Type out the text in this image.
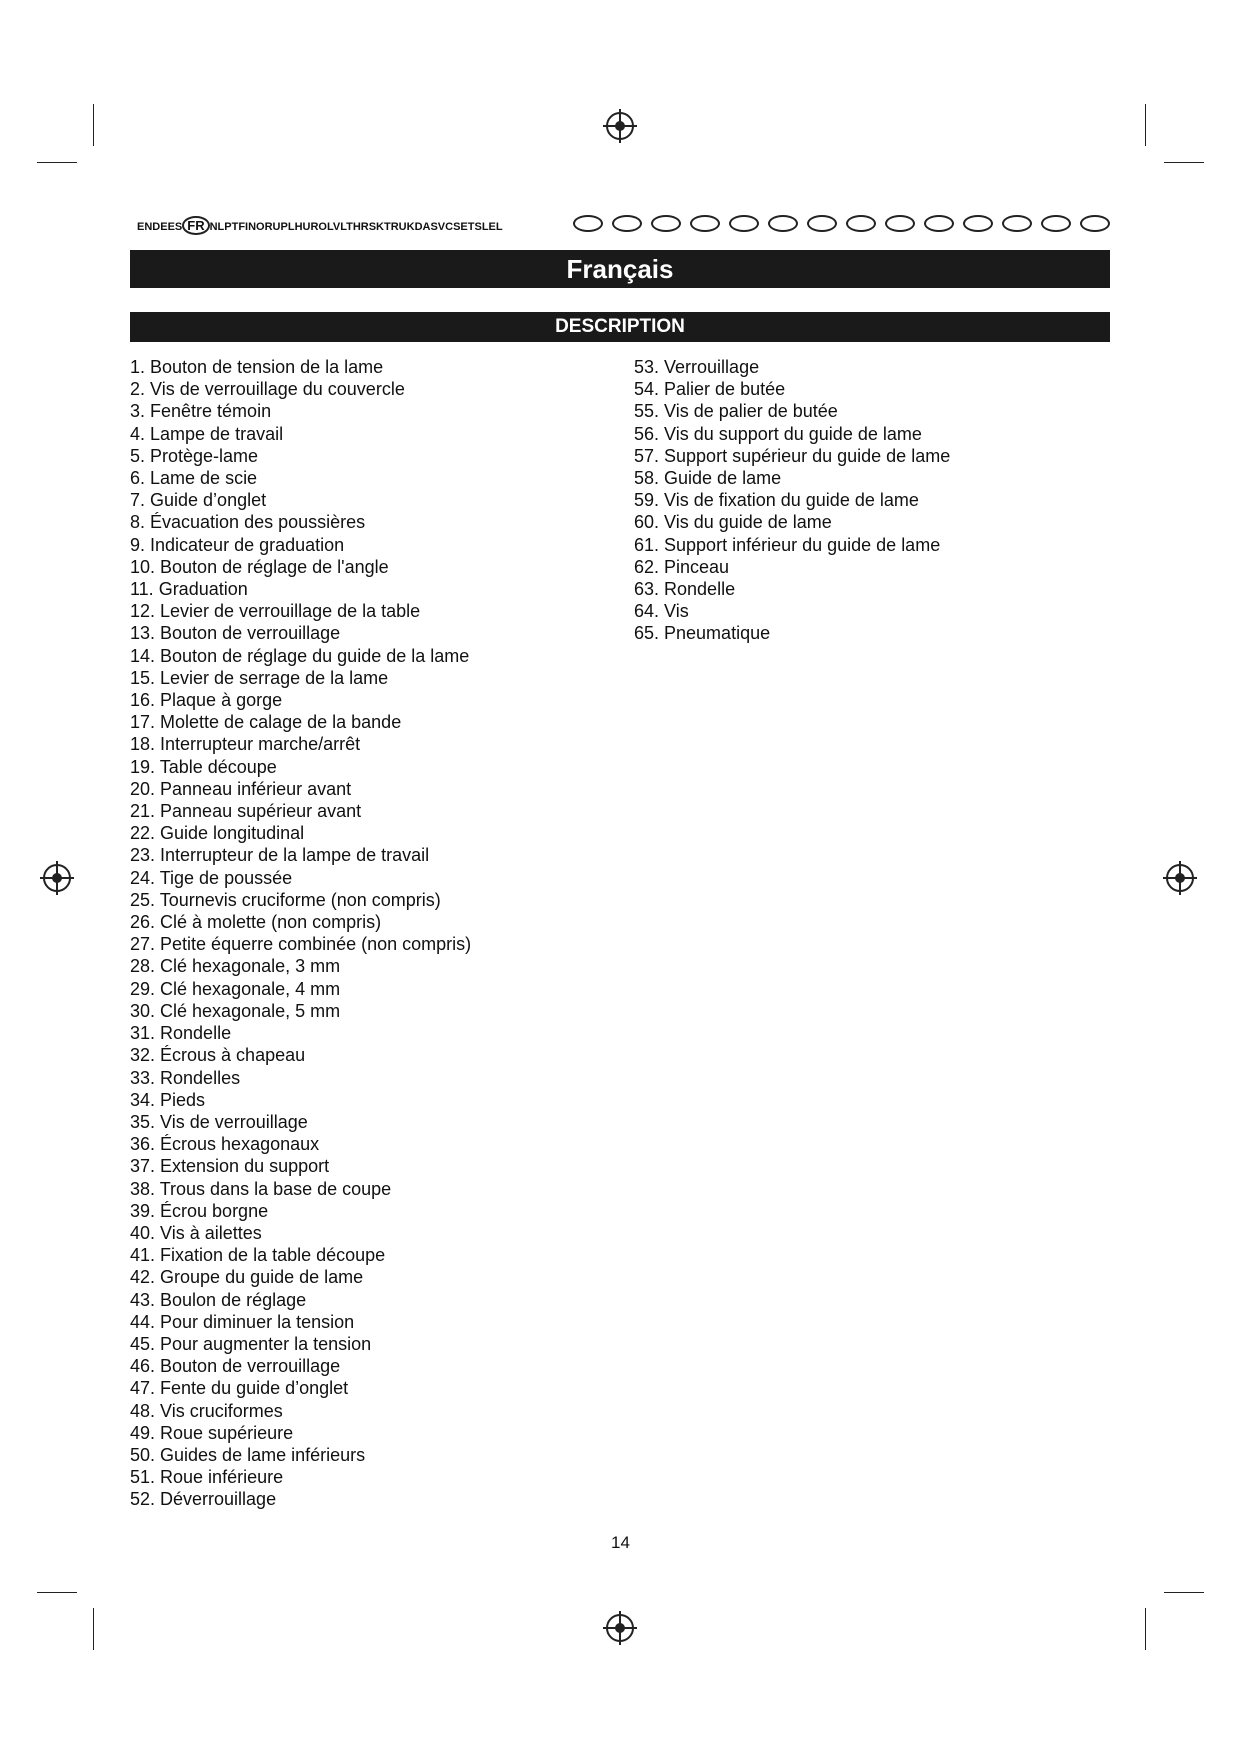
ENDEES FR NLPTFINORUPLHUROLVLTHRSKTRUKDASVCSETSLEL
Français
DESCRIPTION
1. Bouton de tension de la lame
2. Vis de verrouillage du couvercle
3. Fenêtre témoin
4. Lampe de travail
5. Protège-lame
6. Lame de scie
7. Guide d’onglet
8. Évacuation des poussières
9. Indicateur de graduation
10. Bouton de réglage de l'angle
11. Graduation
12. Levier de verrouillage de la table
13. Bouton de verrouillage
14. Bouton de réglage du guide de la lame
15. Levier de serrage de la lame
16. Plaque à gorge
17. Molette de calage de la bande
18. Interrupteur marche/arrêt
19. Table découpe
20. Panneau inférieur avant
21. Panneau supérieur avant
22. Guide longitudinal
23. Interrupteur de la lampe de travail
24. Tige de poussée
25. Tournevis cruciforme (non compris)
26. Clé à molette (non compris)
27. Petite équerre combinée (non compris)
28. Clé hexagonale, 3 mm
29. Clé hexagonale, 4 mm
30. Clé hexagonale, 5 mm
31. Rondelle
32. Écrous à chapeau
33. Rondelles
34. Pieds
35. Vis de verrouillage
36. Écrous hexagonaux
37. Extension du support
38. Trous dans la base de coupe
39. Écrou borgne
40. Vis à ailettes
41. Fixation de la table découpe
42. Groupe du guide de lame
43. Boulon de réglage
44. Pour diminuer la tension
45. Pour augmenter la tension
46. Bouton de verrouillage
47. Fente du guide d’onglet
48. Vis cruciformes
49. Roue supérieure
50. Guides de lame inférieurs
51. Roue inférieure
52. Déverrouillage
53. Verrouillage
54. Palier de butée
55. Vis de palier de butée
56. Vis du support du guide de lame
57. Support supérieur du guide de lame
58. Guide de lame
59. Vis de fixation du guide de lame
60. Vis du guide de lame
61. Support inférieur du guide de lame
62. Pinceau
63. Rondelle
64. Vis
65. Pneumatique
14
